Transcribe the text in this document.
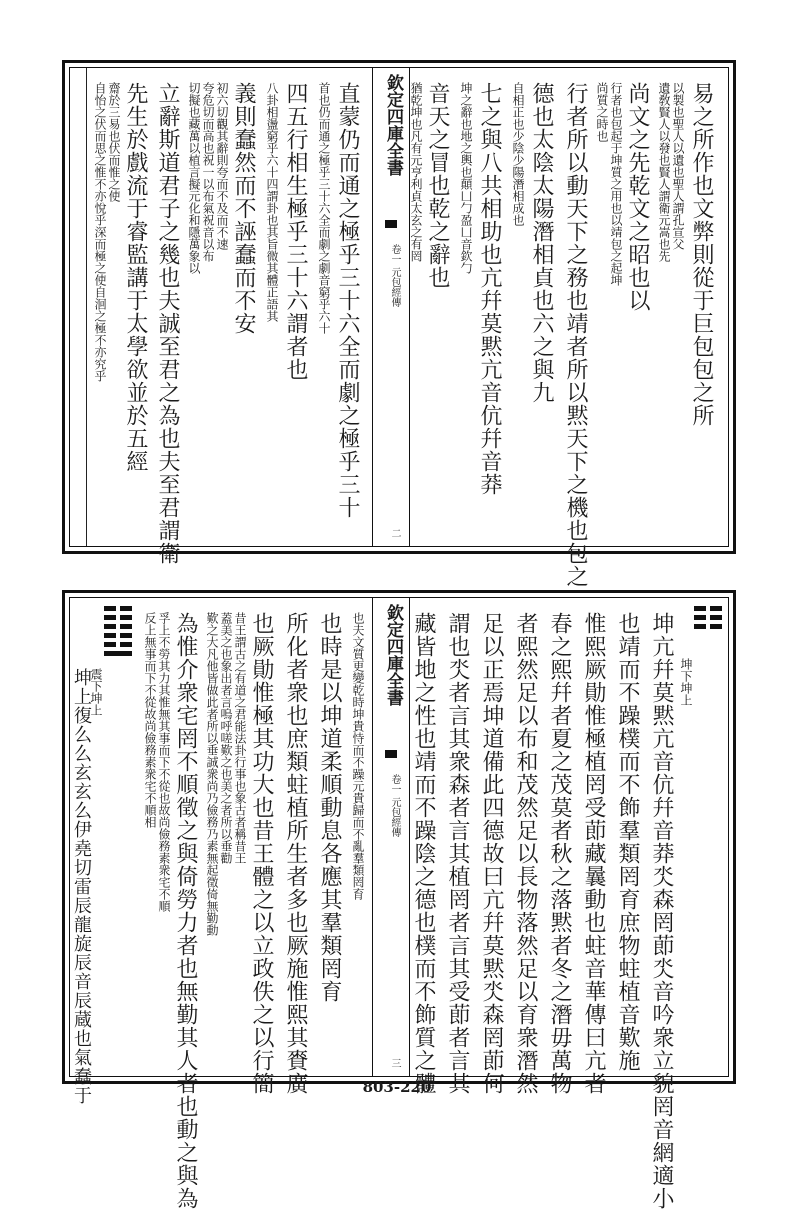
易之所作也文弊則從于巨包包之所
以製也聖人以遺也聖人謂孔宣父
遺敎賢人以發也賢人謂衛元嵩也先
尚文之先乾文之昭也以
行者也包起于坤質之用也以靖包之起坤
尚質之時也
行者所以動天下之務也靖者所以黙天下之機也包之
德也太陰太陽潛相貞也六之與九
自相正也少陰少陽潛相成也
七之與八共相助也亢幷莫黙亢音伉幷音莽
坤之辭也地之輿也顛凵勹盈凵音欽勹
音天之冒也乾之辭也
猶乾坤也凡有元亨利貞太玄之有罔
欽定四庫全書
卷一 元包經傳
二
直蒙仍而通之極乎三十六全而劇之極乎三十
首也仍而通之極乎三十六全而劇之劇音窮乎六十
四五行相生極乎三十六謂者也
八卦相盪窮乎六十四謂卦也其旨微其體正語其
義則蠢然而不誣蠢而不安
初六切觀其辭則夸而不及而不速
夸危切而高也祝一以布氣祝音以布
切擬也藏萬以植言擬元化和隱萬象以
立辭斯道君子之幾也夫誠至君之為也夫至君謂衛
先生於戲流于睿監講于太學欲並於五經
齋於三易也伏而惟之使
自怡之伏而思之惟不亦悅乎深而極之使自洄之極不亦究乎
坤下坤上
坤亢幷莫黙亢音伉幷音莽氼森罔莭氼音吟衆立貌罔音網適小
也靖而不躁樸而不飾羣類罔育庶物蛀植音歎施
惟熙厥勛惟極植罔受莭藏曩動也蛀音華傳曰亢者
春之熙幷者夏之茂莫者秋之落黙者冬之潛毋萬物
者熙然足以布和茂然足以長物落然足以育衆潛然
足以正焉坤道備此四德故曰亢幷莫黙氼森罔莭何
謂也氼者言其衆森者言其植罔者言其受莭者言其
藏皆地之性也靖而不躁陰之德也樸而不飾質之體
欽定四庫全書
卷一 元包經傳
三
也夫文質更變乾時坤貴恃而不躁元貴歸而不亂羣類罔育
也時是以坤道柔順動息各應其羣類罔育
所化者衆也庶類蛀植所生者多也厥施惟熙其賚廣
也厥勛惟極其功大也昔王體之以立政佚之以行簡
昔王謂古之有道之君能法卦行事也象古者稱昔王
蓋美之也象出者言嗚呼嗟歎之也美之者所以垂勸
歎之大凡他皆做此者所以垂誠衆尚乃儉務乃素無起徵倚無勤動
為惟介衆宅罔不順徵之與倚勞力者也無勤其人者也動之與為
孚上不勞其力其惟無其事而下不從也故尚儉務素衆宅不順
反上無事而下不從故尚儉務素衆宅不順相
震下坤上
坤上復么么玄玄么伊堯切雷辰龍旋辰音辰蔵也氣蠢于	803-220
